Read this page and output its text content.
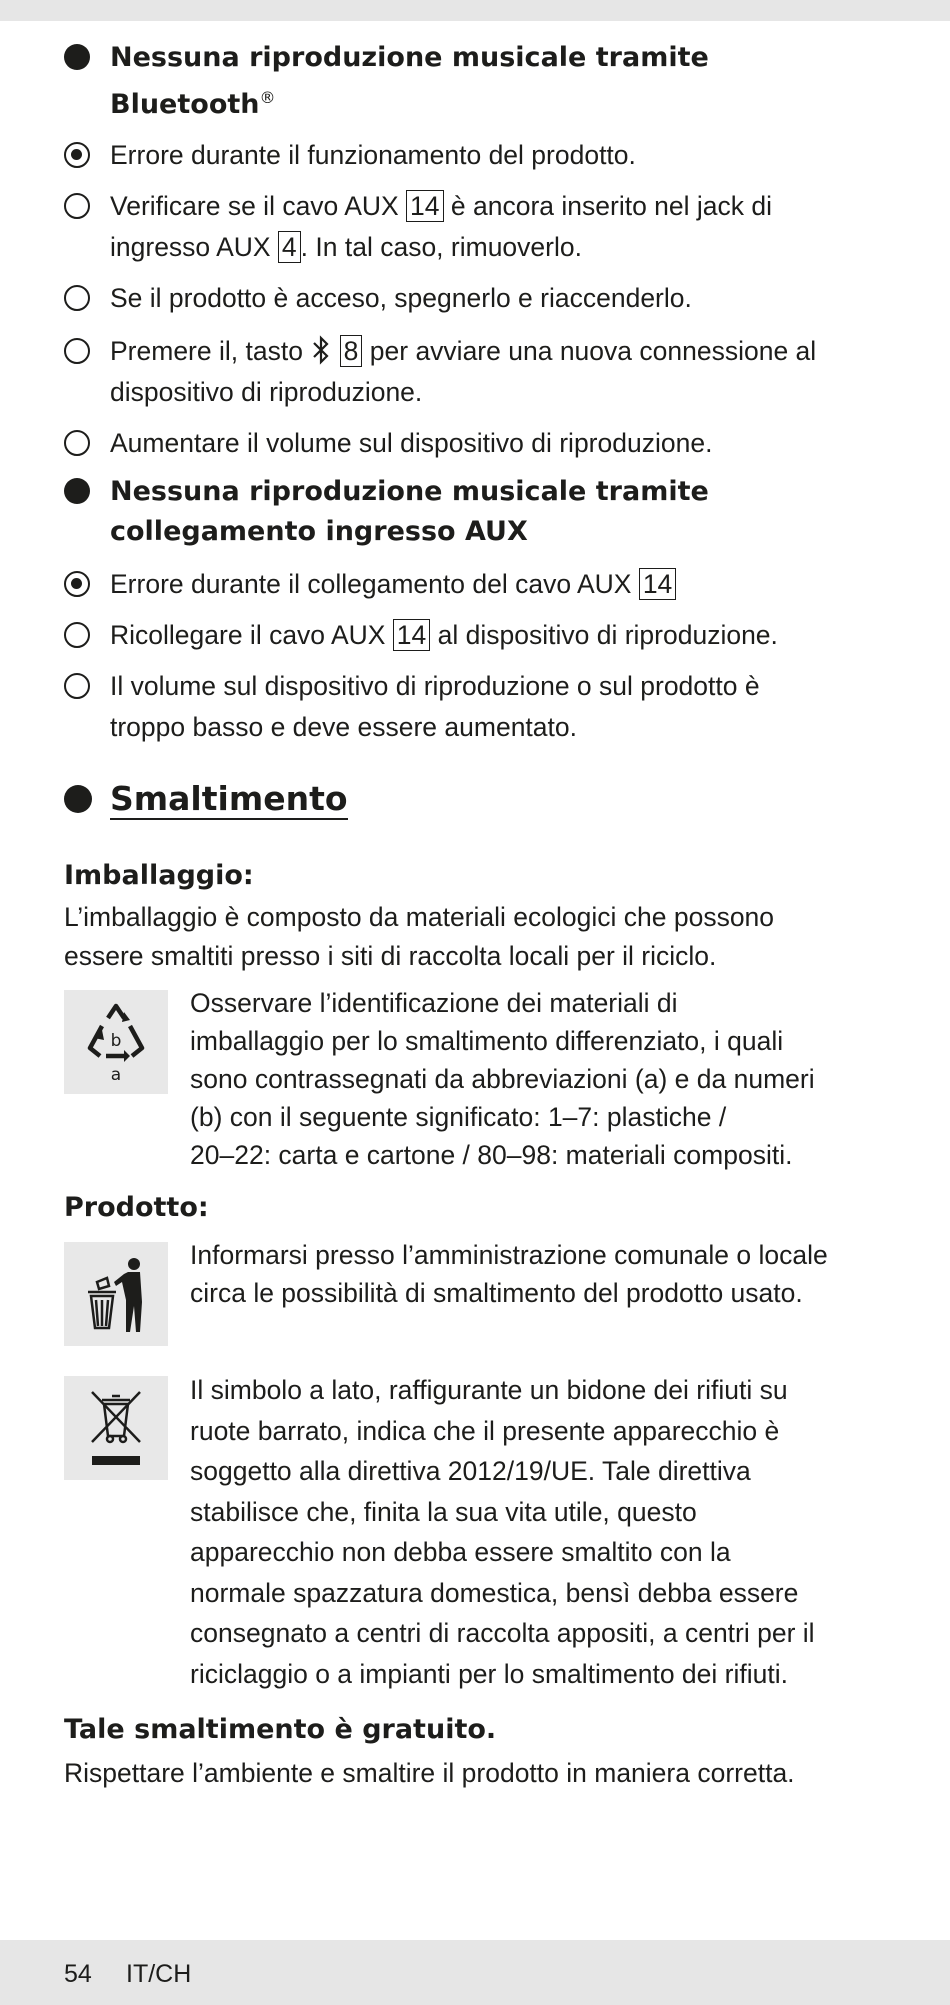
Nessuna riproduzione musicale tramite
Bluetooth®
Errore durante il funzionamento del prodotto.
Verificare se il cavo AUX 14 è ancora inserito nel jack di
ingresso AUX 4 . In tal caso, rimuoverlo.
Se il prodotto è acceso, spegnerlo e riaccenderlo.
Premere il, tasto  8 per avviare una nuova connessione al
dispositivo di riproduzione.
Aumentare il volume sul dispositivo di riproduzione.
Nessuna riproduzione musicale tramite
collegamento ingresso AUX
Errore durante il collegamento del cavo AUX 14
Ricollegare il cavo AUX 14 al dispositivo di riproduzione.
Il volume sul dispositivo di riproduzione o sul prodotto è
troppo basso e deve essere aumentato.
Smaltimento
Imballaggio:
L’imballaggio è composto da materiali ecologici che possono
essere smaltiti presso i siti di raccolta locali per il riciclo.
b
a
Osservare l’identificazione dei materiali di
imballaggio per lo smaltimento differenziato, i quali
sono contrassegnati da abbreviazioni (a) e da numeri
(b) con il seguente significato: 1–7: plastiche /
20–22: carta e cartone / 80–98: materiali compositi.
Prodotto:
Informarsi presso l’amministrazione comunale o locale
circa le possibilità di smaltimento del prodotto usato.
Il simbolo a lato, raffigurante un bidone dei rifiuti su
ruote barrato, indica che il presente apparecchio è
soggetto alla direttiva 2012/19/UE. Tale direttiva
stabilisce che, finita la sua vita utile, questo
apparecchio non debba essere smaltito con la
normale spazzatura domestica, bensì debba essere
consegnato a centri di raccolta appositi, a centri per il
riciclaggio o a impianti per lo smaltimento dei rifiuti.
Tale smaltimento è gratuito.
Rispettare l’ambiente e smaltire il prodotto in maniera corretta.
54 IT/CH
